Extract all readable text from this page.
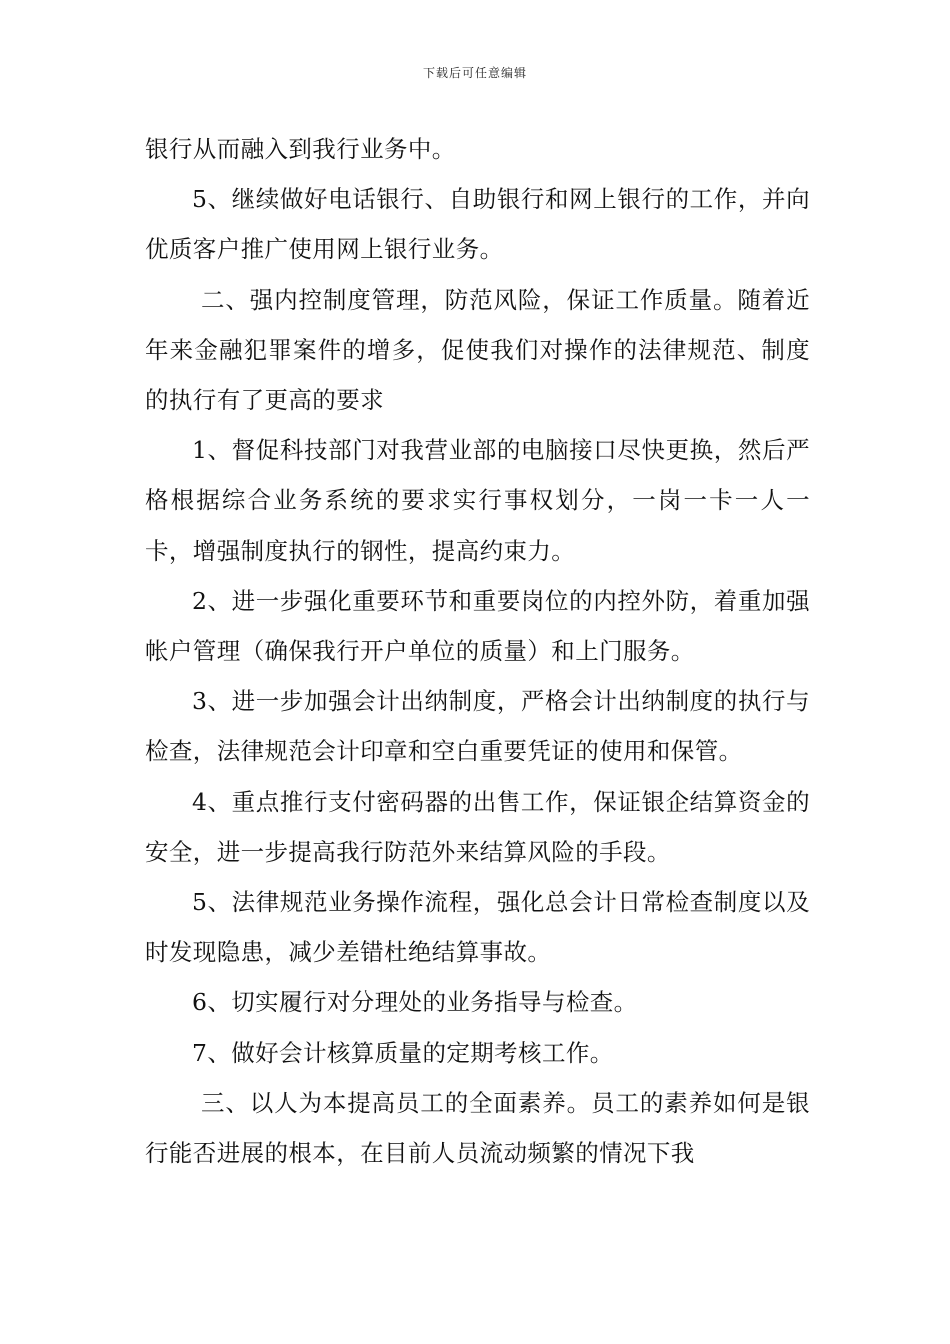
下载后可任意编辑

银行从而融入到我行业务中。

5、继续做好电话银行、自助银行和网上银行的工作，并向优质客户推广使用网上银行业务。

二、强内控制度管理，防范风险，保证工作质量。随着近年来金融犯罪案件的增多，促使我们对操作的法律规范、制度的执行有了更高的要求

1、督促科技部门对我营业部的电脑接口尽快更换，然后严格根据综合业务系统的要求实行事权划分，一岗一卡一人一卡，增强制度执行的钢性，提高约束力。

2、进一步强化重要环节和重要岗位的内控外防，着重加强帐户管理（确保我行开户单位的质量）和上门服务。

3、进一步加强会计出纳制度，严格会计出纳制度的执行与检查，法律规范会计印章和空白重要凭证的使用和保管。

4、重点推行支付密码器的出售工作，保证银企结算资金的安全，进一步提高我行防范外来结算风险的手段。

5、法律规范业务操作流程，强化总会计日常检查制度以及时发现隐患，减少差错杜绝结算事故。

6、切实履行对分理处的业务指导与检查。

7、做好会计核算质量的定期考核工作。

三、以人为本提高员工的全面素养。员工的素养如何是银行能否进展的根本，在目前人员流动频繁的情况下我
